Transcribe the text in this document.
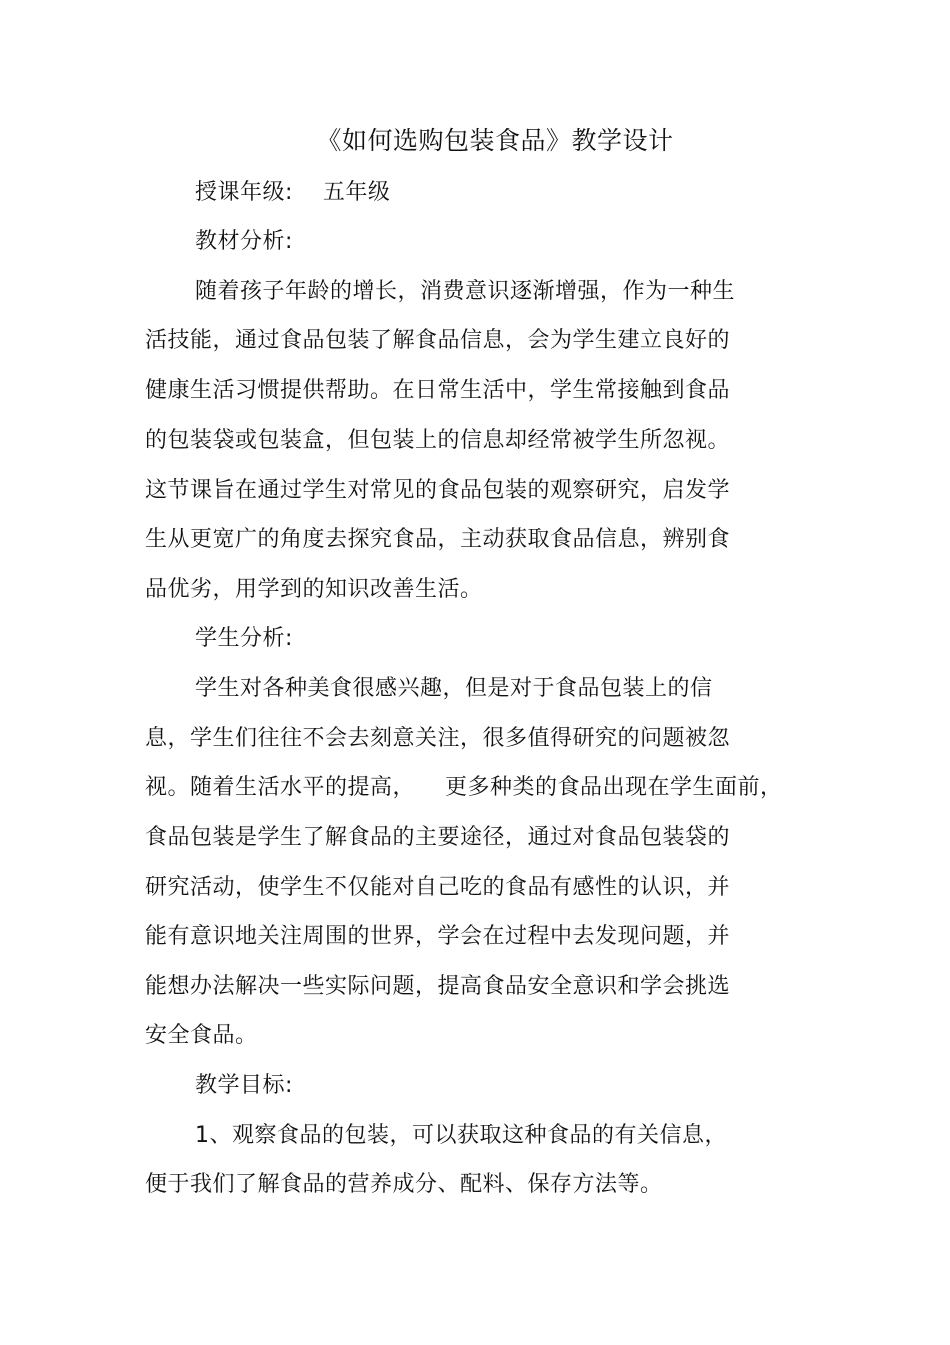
《如何选购包装食品》教学设计
授课年级: 五年级
教材分析:
随着孩子年龄的增长，消费意识逐渐增强，作为一种生
活技能，通过食品包装了解食品信息，会为学生建立良好的
健康生活习惯提供帮助。在日常生活中，学生常接触到食品
的包装袋或包装盒，但包装上的信息却经常被学生所忽视。
这节课旨在通过学生对常见的食品包装的观察研究，启发学
生从更宽广的角度去探究食品，主动获取食品信息，辨别食
品优劣，用学到的知识改善生活。
学生分析:
学生对各种美食很感兴趣，但是对于食品包装上的信
息，学生们往往不会去刻意关注，很多值得研究的问题被忽
视。随着生活水平的提高， 更多种类的食品出现在学生面前，
食品包装是学生了解食品的主要途径，通过对食品包装袋的
研究活动，使学生不仅能对自己吃的食品有感性的认识，并
能有意识地关注周围的世界，学会在过程中去发现问题，并
能想办法解决一些实际问题，提高食品安全意识和学会挑选
安全食品。
教学目标:
1、观察食品的包装，可以获取这种食品的有关信息，
便于我们了解食品的营养成分、配料、保存方法等。
